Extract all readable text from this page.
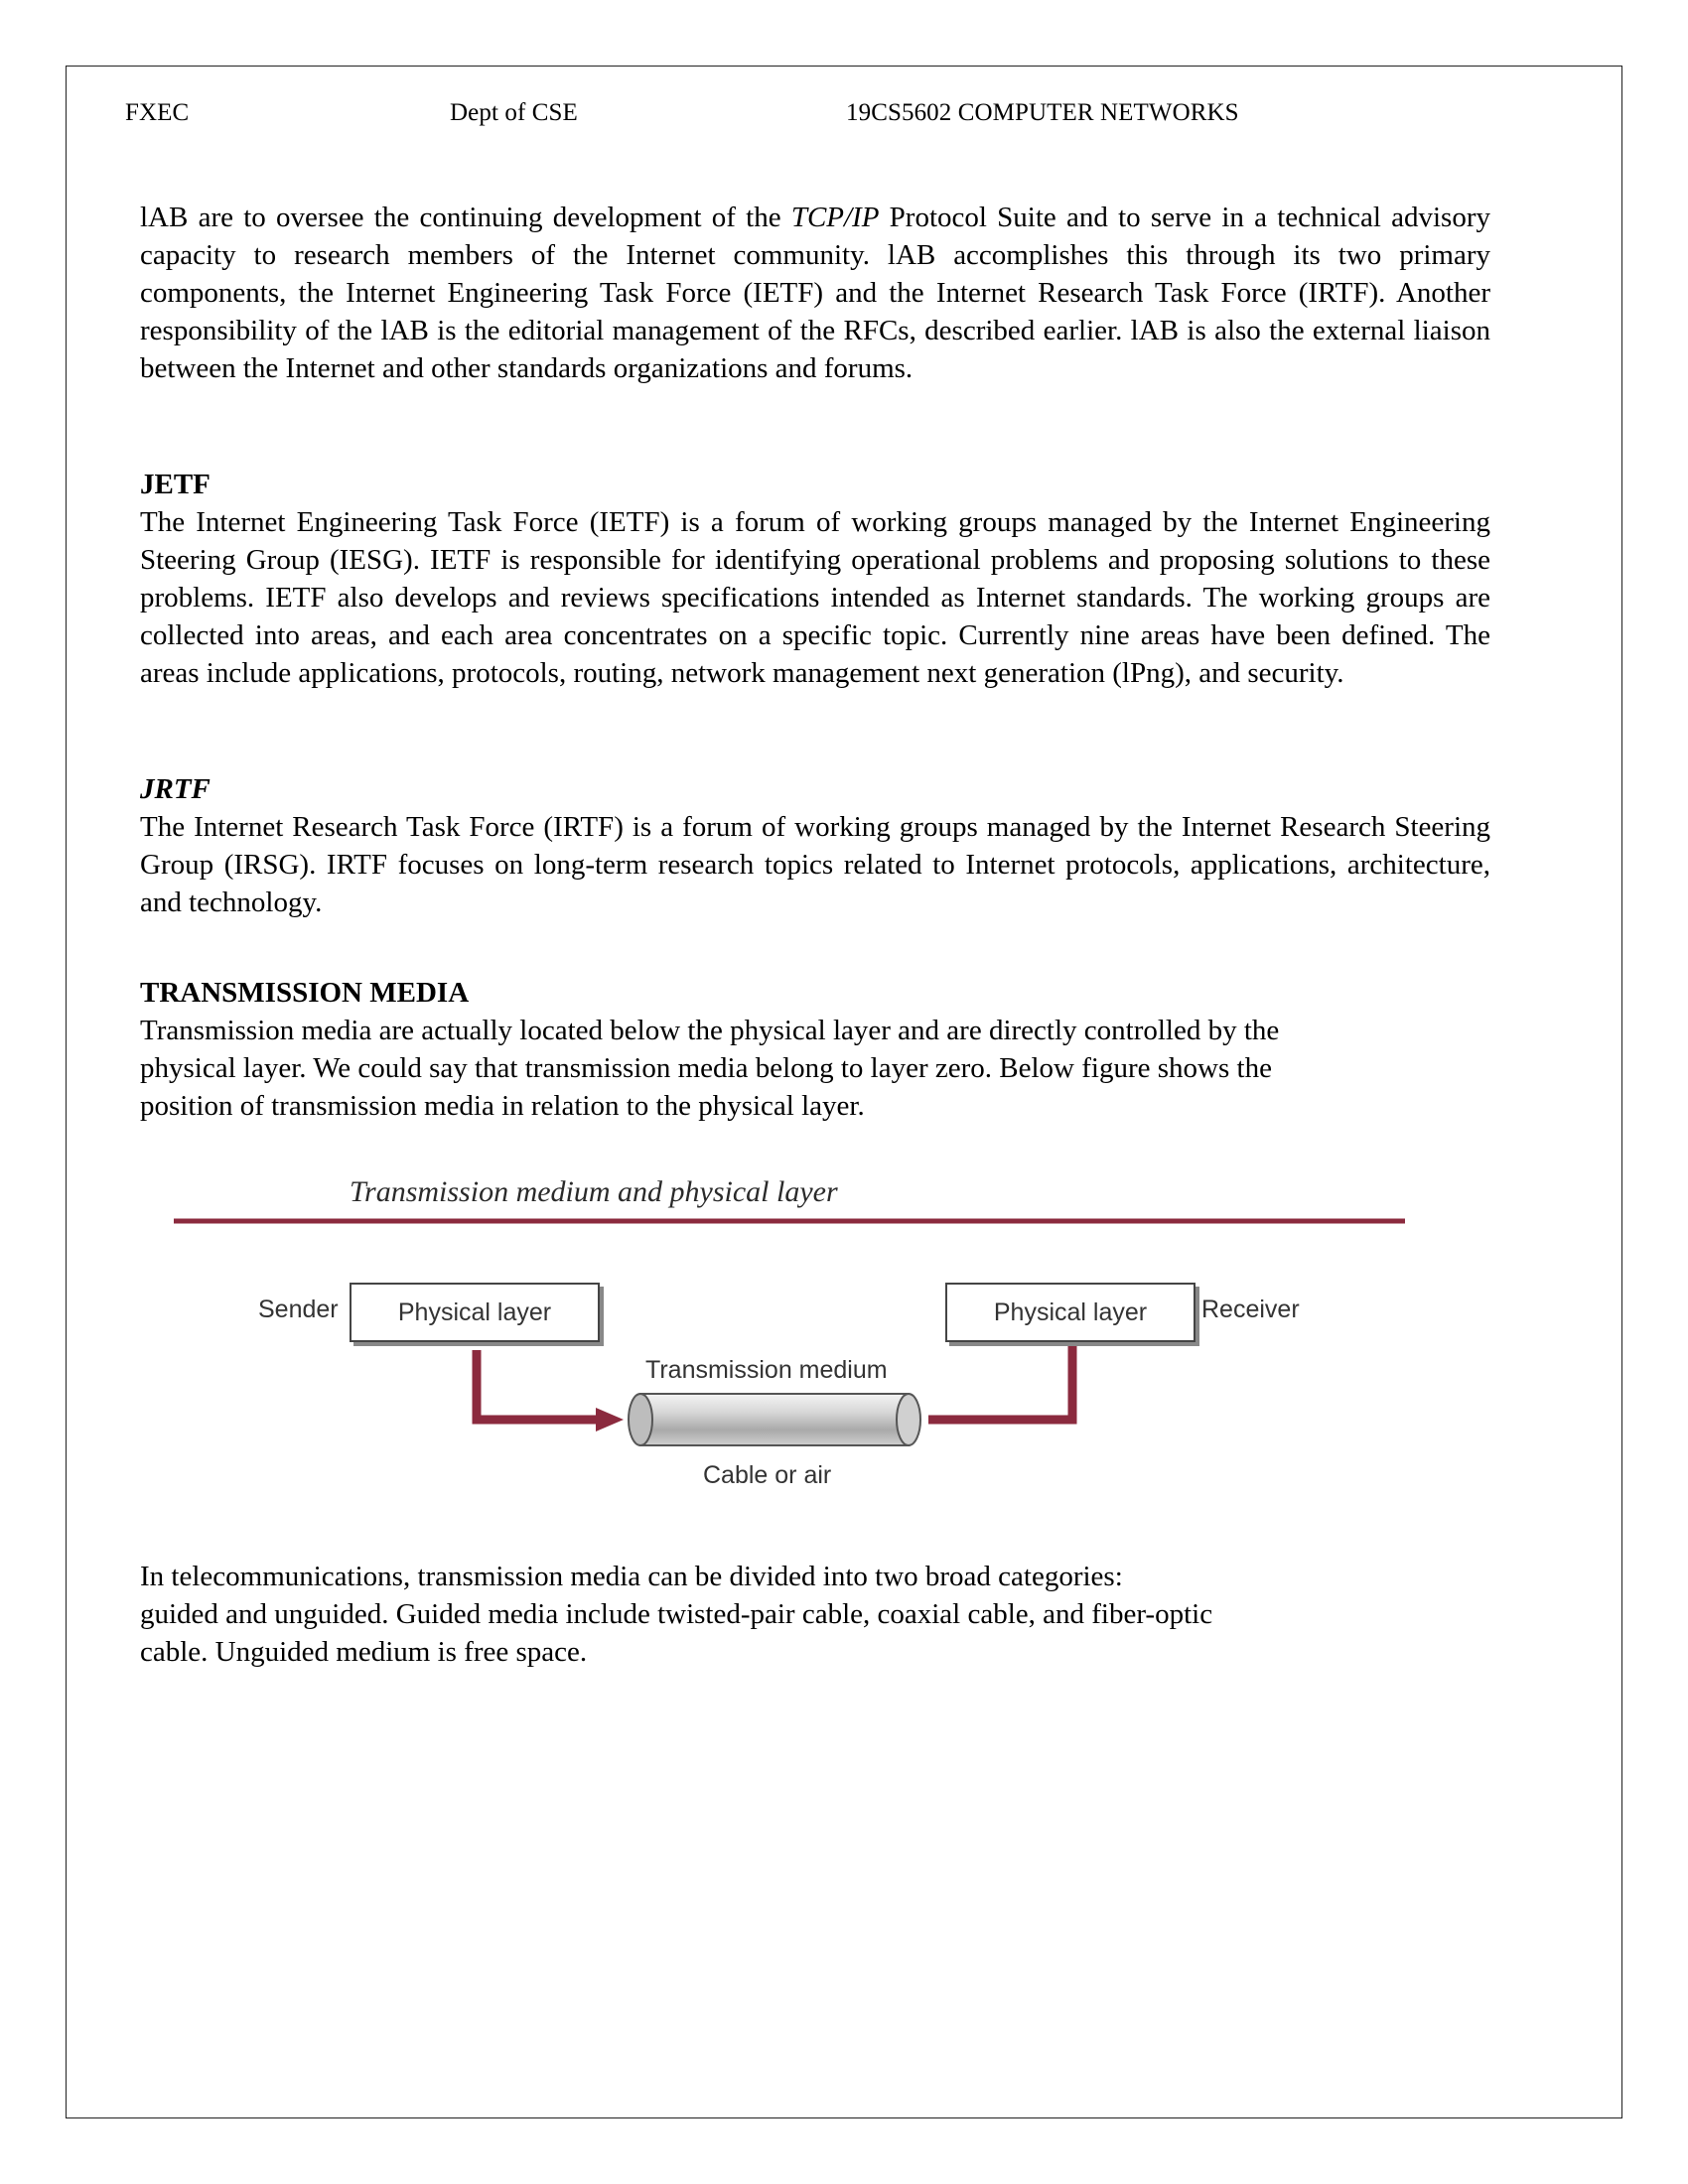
FXEC	Dept of CSE	19CS5602 COMPUTER NETWORKS

lAB are to oversee the continuing development of the TCP/IP Protocol Suite and to serve in a technical advisory capacity to research members of the Internet community. lAB accomplishes this through its two primary components, the Internet Engineering Task Force (IETF) and the Internet Research Task Force (IRTF). Another responsibility of the lAB is the editorial management of the RFCs, described earlier. lAB is also the external liaison between the Internet and other standards organizations and forums.

JETF

The Internet Engineering Task Force (IETF) is a forum of working groups managed by the Internet Engineering Steering Group (IESG). IETF is responsible for identifying operational problems and proposing solutions to these problems. IETF also develops and reviews specifications intended as Internet standards. The working groups are collected into areas, and each area concentrates on a specific topic. Currently nine areas have been defined. The areas include applications, protocols, routing, network management next generation (lPng), and security.

JRTF

The Internet Research Task Force (IRTF) is a forum of working groups managed by the Internet Research Steering Group (IRSG). IRTF focuses on long-term research topics related to Internet protocols, applications, architecture, and technology.

TRANSMISSION MEDIA
Transmission media are actually located below the physical layer and are directly controlled by the
physical layer. We could say that transmission media belong to layer zero. Below figure shows the
position of transmission media in relation to the physical layer.
Transmission medium and physical layer
Sender	Physical layer	Physical layer	Receiver
Transmission medium
Cable or air
In telecommunications, transmission media can be divided into two broad categories:
guided and unguided. Guided media include twisted-pair cable, coaxial cable, and fiber-optic
cable. Unguided medium is free space.
